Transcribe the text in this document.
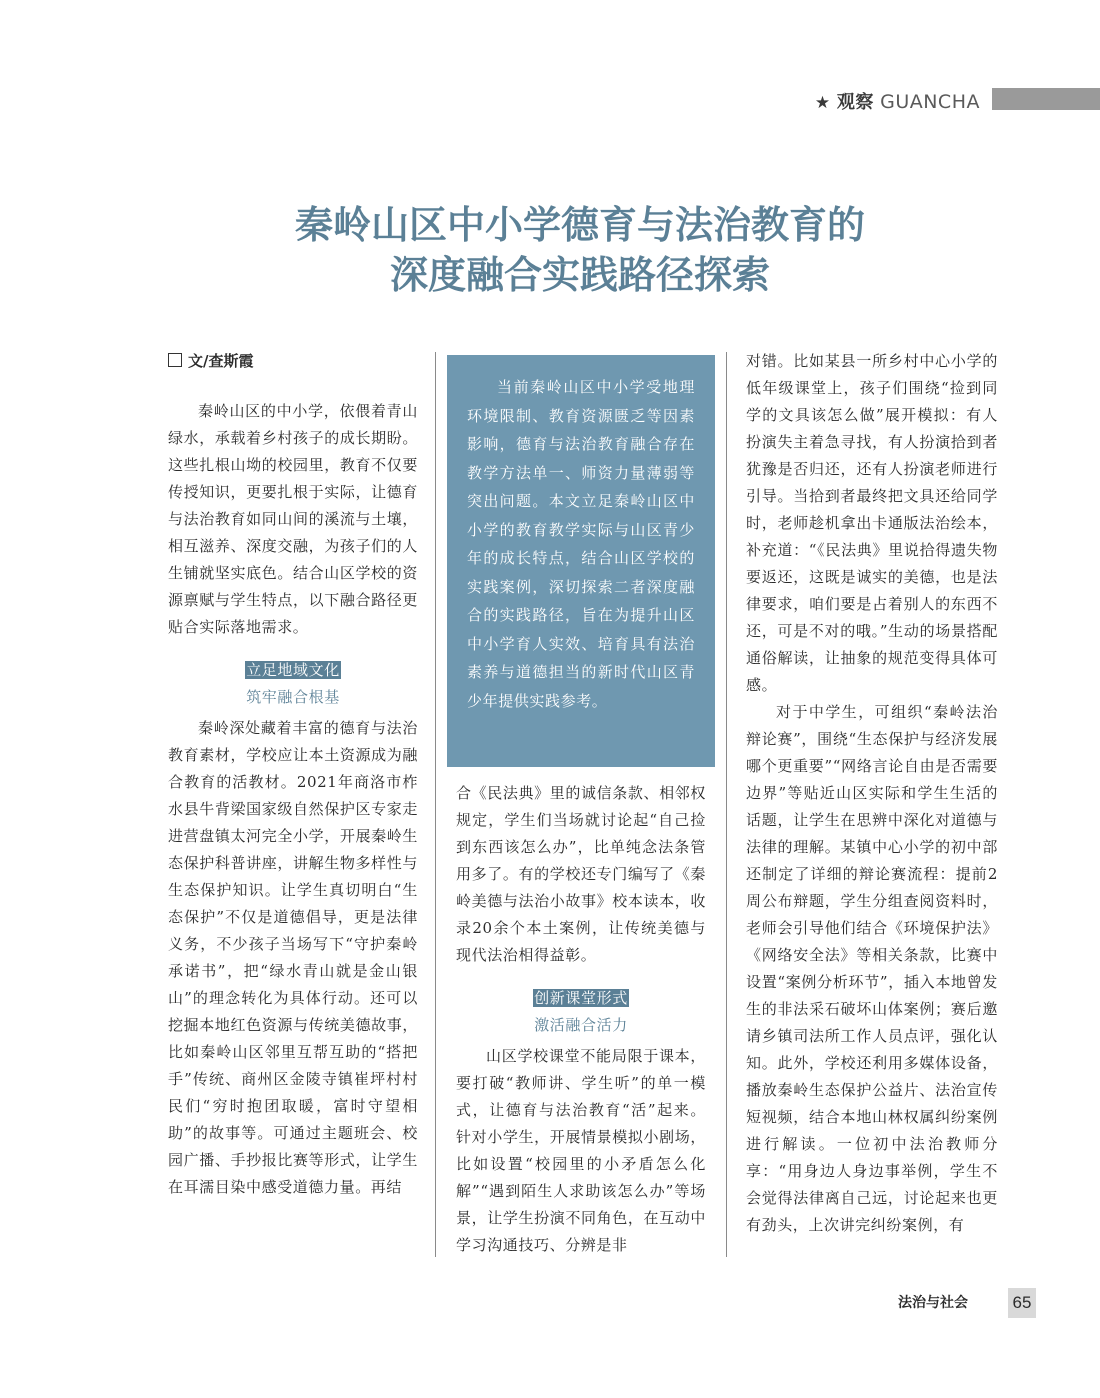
★ 观察 GUANCHA
秦岭山区中小学德育与法治教育的
深度融合实践路径探索
文/查斯霞

秦岭山区的中小学，依偎着青山绿水，承载着乡村孩子的成长期盼。这些扎根山坳的校园里，教育不仅要传授知识，更要扎根于实际，让德育与法治教育如同山间的溪流与土壤，相互滋养、深度交融，为孩子们的人生铺就坚实底色。结合山区学校的资源禀赋与学生特点，以下融合路径更贴合实际落地需求。

立足地域文化
筑牢融合根基

秦岭深处藏着丰富的德育与法治教育素材，学校应让本土资源成为融合教育的活教材。2021年商洛市柞水县牛背梁国家级自然保护区专家走进营盘镇太河完全小学，开展秦岭生态保护科普讲座，讲解生物多样性与生态保护知识。让学生真切明白“生态保护”不仅是道德倡导，更是法律义务，不少孩子当场写下“守护秦岭承诺书”，把“绿水青山就是金山银山”的理念转化为具体行动。还可以挖掘本地红色资源与传统美德故事，比如秦岭山区邻里互帮互助的“搭把手”传统、商州区金陵寺镇崔坪村村民们“穷时抱团取暖，富时守望相助”的故事等。可通过主题班会、校园广播、手抄报比赛等形式，让学生在耳濡目染中感受道德力量。再结

当前秦岭山区中小学受地理环境限制、教育资源匮乏等因素影响，德育与法治教育融合存在教学方法单一、师资力量薄弱等突出问题。本文立足秦岭山区中小学的教育教学实际与山区青少年的成长特点，结合山区学校的实践案例，深切探索二者深度融合的实践路径，旨在为提升山区中小学育人实效、培育具有法治素养与道德担当的新时代山区青少年提供实践参考。

合《民法典》里的诚信条款、相邻权规定，学生们当场就讨论起“自己捡到东西该怎么办”，比单纯念法条管用多了。有的学校还专门编写了《秦岭美德与法治小故事》校本读本，收录20余个本土案例，让传统美德与现代法治相得益彰。

创新课堂形式
激活融合活力

山区学校课堂不能局限于课本，要打破“教师讲、学生听”的单一模式，让德育与法治教育“活”起来。针对小学生，开展情景模拟小剧场，比如设置“校园里的小矛盾怎么化解”“遇到陌生人求助该怎么办”等场景，让学生扮演不同角色，在互动中学习沟通技巧、分辨是非

对错。比如某县一所乡村中心小学的低年级课堂上，孩子们围绕“捡到同学的文具该怎么做”展开模拟：有人扮演失主着急寻找，有人扮演拾到者犹豫是否归还，还有人扮演老师进行引导。当拾到者最终把文具还给同学时，老师趁机拿出卡通版法治绘本，补充道：“《民法典》里说拾得遗失物要返还，这既是诚实的美德，也是法律要求，咱们要是占着别人的东西不还，可是不对的哦。”生动的场景搭配通俗解读，让抽象的规范变得具体可感。

对于中学生，可组织“秦岭法治辩论赛”，围绕“生态保护与经济发展哪个更重要”“网络言论自由是否需要边界”等贴近山区实际和学生生活的话题，让学生在思辨中深化对道德与法律的理解。某镇中心小学的初中部还制定了详细的辩论赛流程：提前2周公布辩题，学生分组查阅资料时，老师会引导他们结合《环境保护法》《网络安全法》等相关条款，比赛中设置“案例分析环节”，插入本地曾发生的非法采石破坏山体案例；赛后邀请乡镇司法所工作人员点评，强化认知。此外，学校还利用多媒体设备，播放秦岭生态保护公益片、法治宣传短视频，结合本地山林权属纠纷案例进行解读。一位初中法治教师分享：“用身边人身边事举例，学生不会觉得法律离自己远，讨论起来也更有劲头，上次讲完纠纷案例，有

法治与社会	65
